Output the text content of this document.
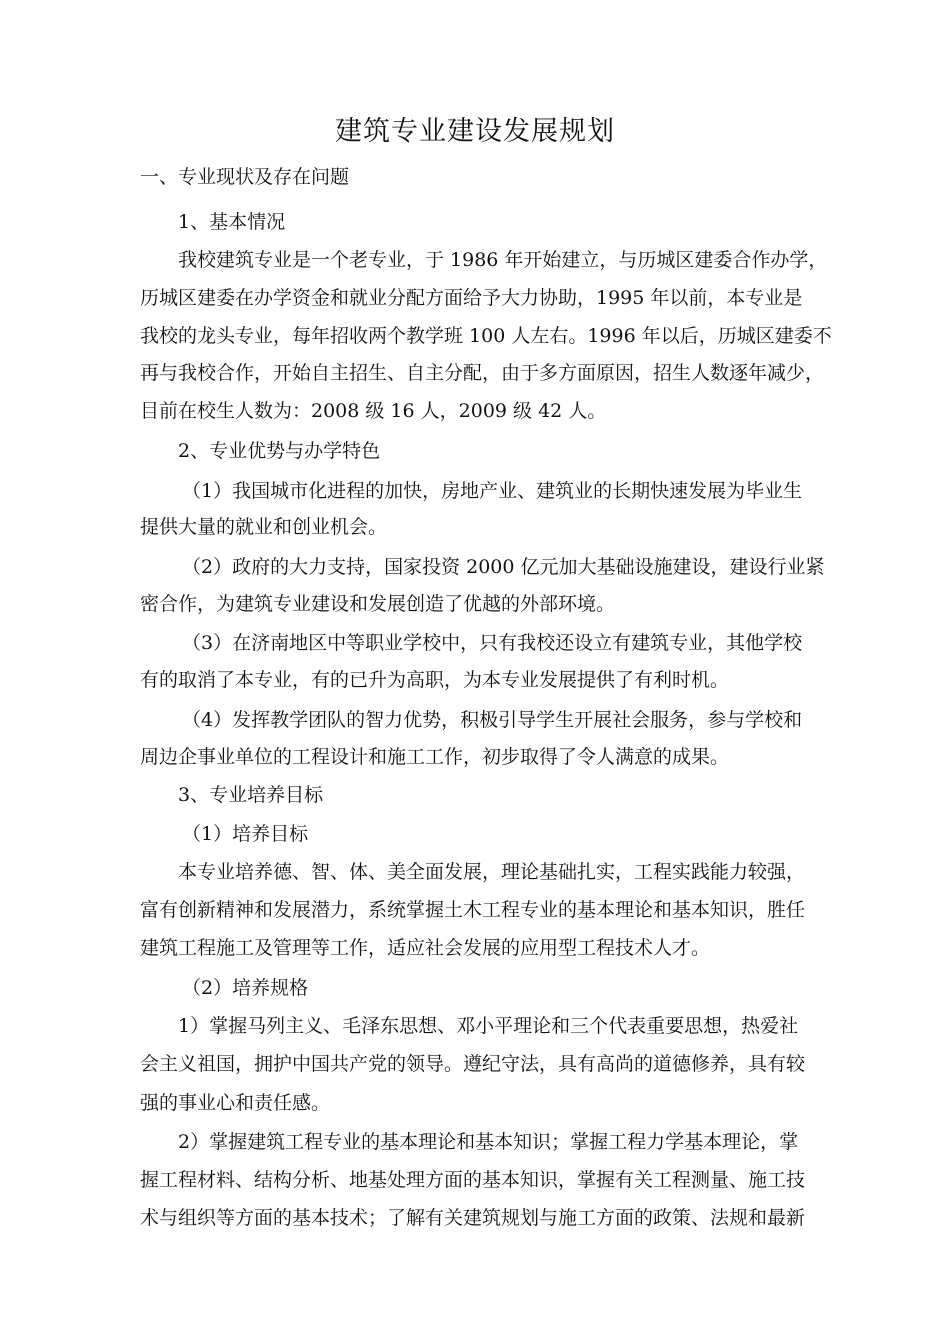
建筑专业建设发展规划
一、专业现状及存在问题
1、基本情况
我校建筑专业是一个老专业，于 1986 年开始建立，与历城区建委合作办学，
历城区建委在办学资金和就业分配方面给予大力协助，1995 年以前，本专业是
我校的龙头专业，每年招收两个教学班 100 人左右。1996 年以后，历城区建委不
再与我校合作，开始自主招生、自主分配，由于多方面原因，招生人数逐年减少，
目前在校生人数为：2008 级 16 人，2009 级 42 人。
2、专业优势与办学特色
（1）我国城市化进程的加快，房地产业、建筑业的长期快速发展为毕业生
提供大量的就业和创业机会。
（2）政府的大力支持，国家投资 2000 亿元加大基础设施建设，建设行业紧
密合作，为建筑专业建设和发展创造了优越的外部环境。
（3）在济南地区中等职业学校中，只有我校还设立有建筑专业，其他学校
有的取消了本专业，有的已升为高职，为本专业发展提供了有利时机。
（4）发挥教学团队的智力优势，积极引导学生开展社会服务，参与学校和
周边企事业单位的工程设计和施工工作，初步取得了令人满意的成果。
3、专业培养目标
（1）培养目标
本专业培养德、智、体、美全面发展，理论基础扎实，工程实践能力较强，
富有创新精神和发展潜力，系统掌握土木工程专业的基本理论和基本知识，胜任
建筑工程施工及管理等工作，适应社会发展的应用型工程技术人才。
（2）培养规格
1）掌握马列主义、毛泽东思想、邓小平理论和三个代表重要思想，热爱社
会主义祖国，拥护中国共产党的领导。遵纪守法，具有高尚的道德修养，具有较
强的事业心和责任感。
2）掌握建筑工程专业的基本理论和基本知识；掌握工程力学基本理论，掌
握工程材料、结构分析、地基处理方面的基本知识，掌握有关工程测量、施工技
术与组织等方面的基本技术；了解有关建筑规划与施工方面的政策、法规和最新
